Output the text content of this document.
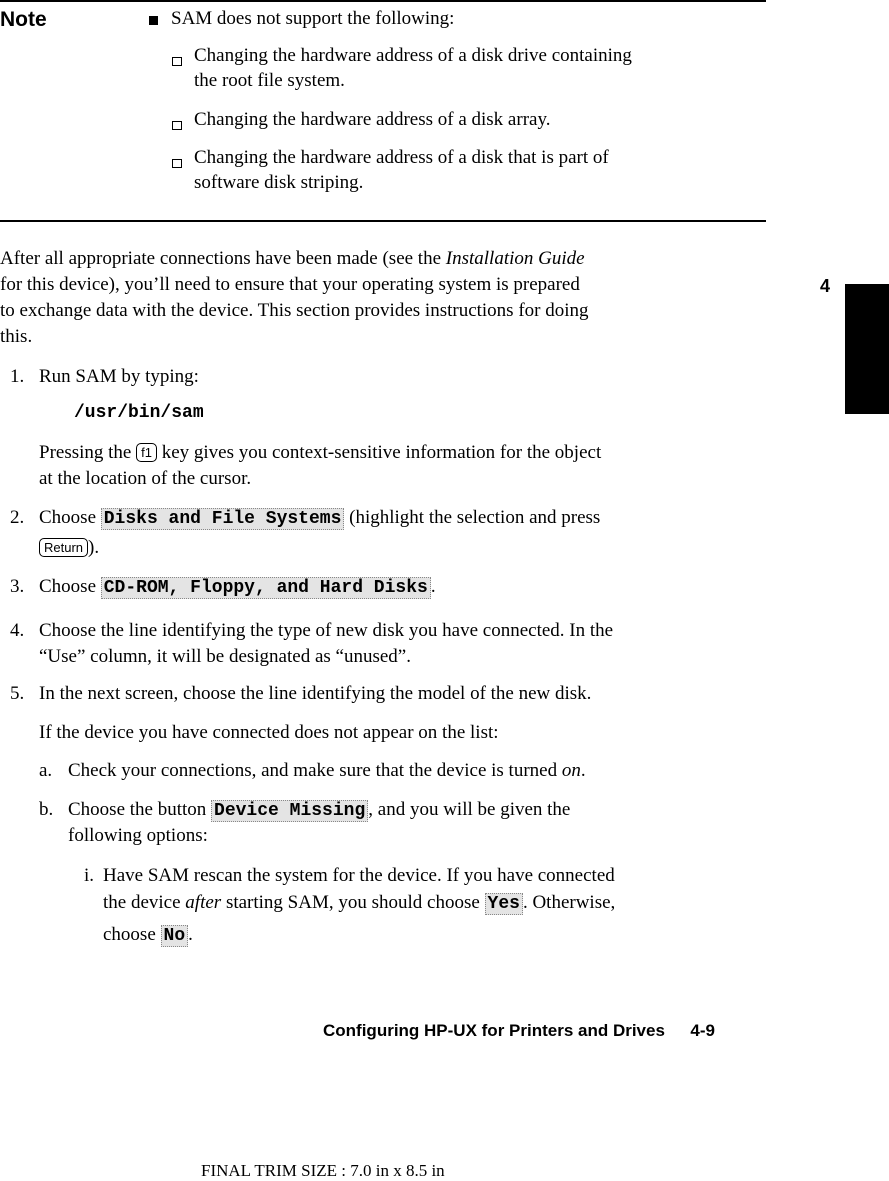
Note	SAM does not support the following:
Changing the hardware address of a disk drive containing
the root file system.
Changing the hardware address of a disk array.
Changing the hardware address of a disk that is part of
software disk striping.
After all appropriate connections have been made (see the Installation Guide
for this device), you’ll need to ensure that your operating system is prepared
to exchange data with the device. This section provides instructions for doing
this.
4
1. Run SAM by typing:
/usr/bin/sam
Pressing the f1 key gives you context-sensitive information for the object
at the location of the cursor.
2. Choose Disks and File Systems (highlight the selection and press
Return ).
3. Choose CD-ROM, Floppy, and Hard Disks .
4. Choose the line identifying the type of new disk you have connected. In the
“Use” column, it will be designated as “unused”.
5. In the next screen, choose the line identifying the model of the new disk.
If the device you have connected does not appear on the list:
a. Check your connections, and make sure that the device is turned on.
b. Choose the button Device Missing , and you will be given the
following options:
i. Have SAM rescan the system for the device. If you have connected
the device after starting SAM, you should choose Yes . Otherwise,
choose No .
Configuring HP-UX for Printers and Drives 4-9
FINAL TRIM SIZE : 7.0 in x 8.5 in
